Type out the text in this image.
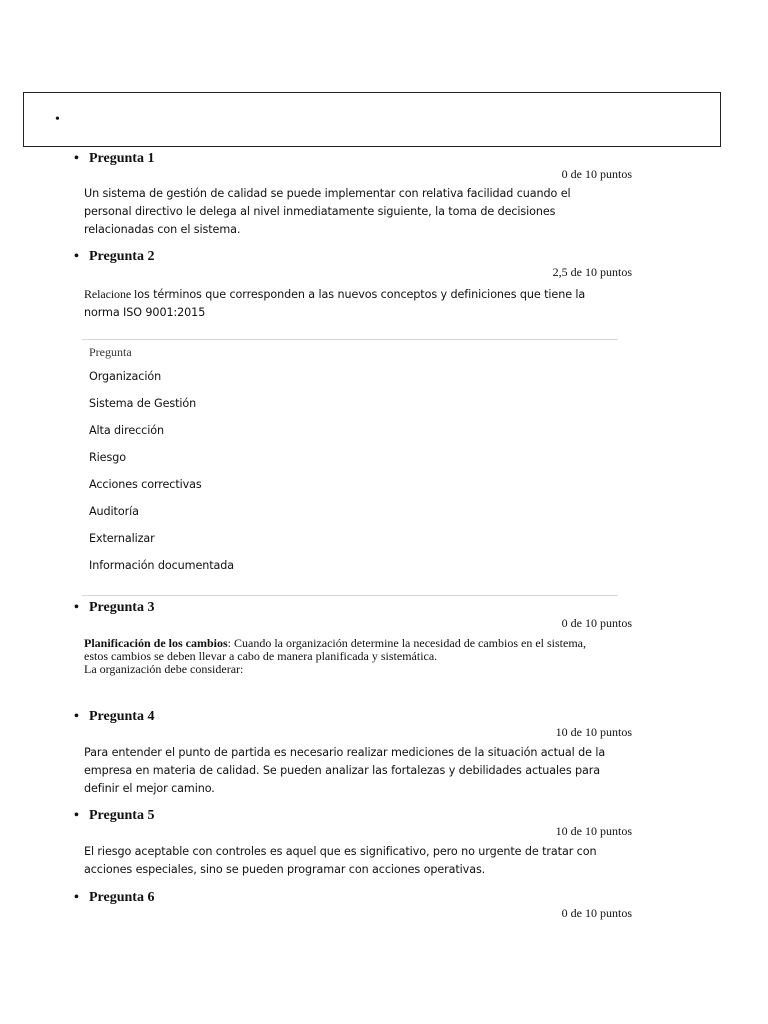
•
• Pregunta 1
0 de 10 puntos
Un sistema de gestión de calidad se puede implementar con relativa facilidad cuando el
personal directivo le delega al nivel inmediatamente siguiente, la toma de decisiones
relacionadas con el sistema.
• Pregunta 2
2,5 de 10 puntos
Relacione los términos que corresponden a las nuevos conceptos y definiciones que tiene la
norma ISO 9001:2015
Pregunta
Organización
Sistema de Gestión
Alta dirección
Riesgo
Acciones correctivas
Auditoría
Externalizar
Información documentada
• Pregunta 3
0 de 10 puntos
Planificación de los cambios: Cuando la organización determine la necesidad de cambios en el sistema,
estos cambios se deben llevar a cabo de manera planificada y sistemática.
La organización debe considerar:
• Pregunta 4
10 de 10 puntos
Para entender el punto de partida es necesario realizar mediciones de la situación actual de la
empresa en materia de calidad. Se pueden analizar las fortalezas y debilidades actuales para
definir el mejor camino.
• Pregunta 5
10 de 10 puntos
El riesgo aceptable con controles es aquel que es significativo, pero no urgente de tratar con
acciones especiales, sino se pueden programar con acciones operativas.
• Pregunta 6
0 de 10 puntos
